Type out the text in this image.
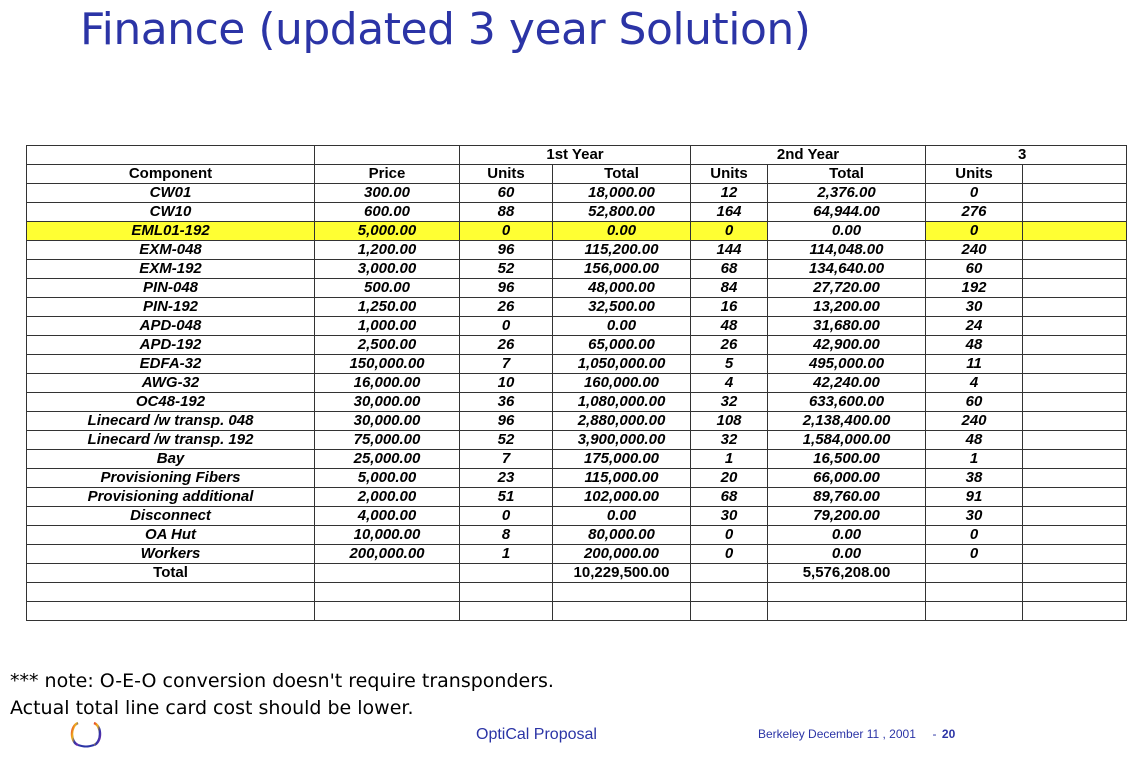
Finance (updated 3 year Solution)
		1st Year		2nd Year		3	
Component	Price	Units	Total	Units	Total	Units	
CW01	300.00	60	18,000.00	12	2,376.00	0	
CW10	600.00	88	52,800.00	164	64,944.00	276	
EML01-192	5,000.00	0	0.00	0	0.00	0	
EXM-048	1,200.00	96	115,200.00	144	114,048.00	240	
EXM-192	3,000.00	52	156,000.00	68	134,640.00	60	
PIN-048	500.00	96	48,000.00	84	27,720.00	192	
PIN-192	1,250.00	26	32,500.00	16	13,200.00	30	
APD-048	1,000.00	0	0.00	48	31,680.00	24	
APD-192	2,500.00	26	65,000.00	26	42,900.00	48	
EDFA-32	150,000.00	7	1,050,000.00	5	495,000.00	11	
AWG-32	16,000.00	10	160,000.00	4	42,240.00	4	
OC48-192	30,000.00	36	1,080,000.00	32	633,600.00	60	
Linecard /w transp. 048	30,000.00	96	2,880,000.00	108	2,138,400.00	240	
Linecard /w transp. 192	75,000.00	52	3,900,000.00	32	1,584,000.00	48	
Bay	25,000.00	7	175,000.00	1	16,500.00	1	
Provisioning Fibers	5,000.00	23	115,000.00	20	66,000.00	38	
Provisioning additional	2,000.00	51	102,000.00	68	89,760.00	91	
Disconnect	4,000.00	0	0.00	30	79,200.00	30	
OA Hut	10,000.00	8	80,000.00	0	0.00	0	
Workers	200,000.00	1	200,000.00	0	0.00	0	
Total			10,229,500.00		5,576,208.00		

*** note: O-E-O conversion doesn't require transponders.
Actual total line card cost should be lower.
OptiCal Proposal	Berkeley December 11 , 2001 - 20
